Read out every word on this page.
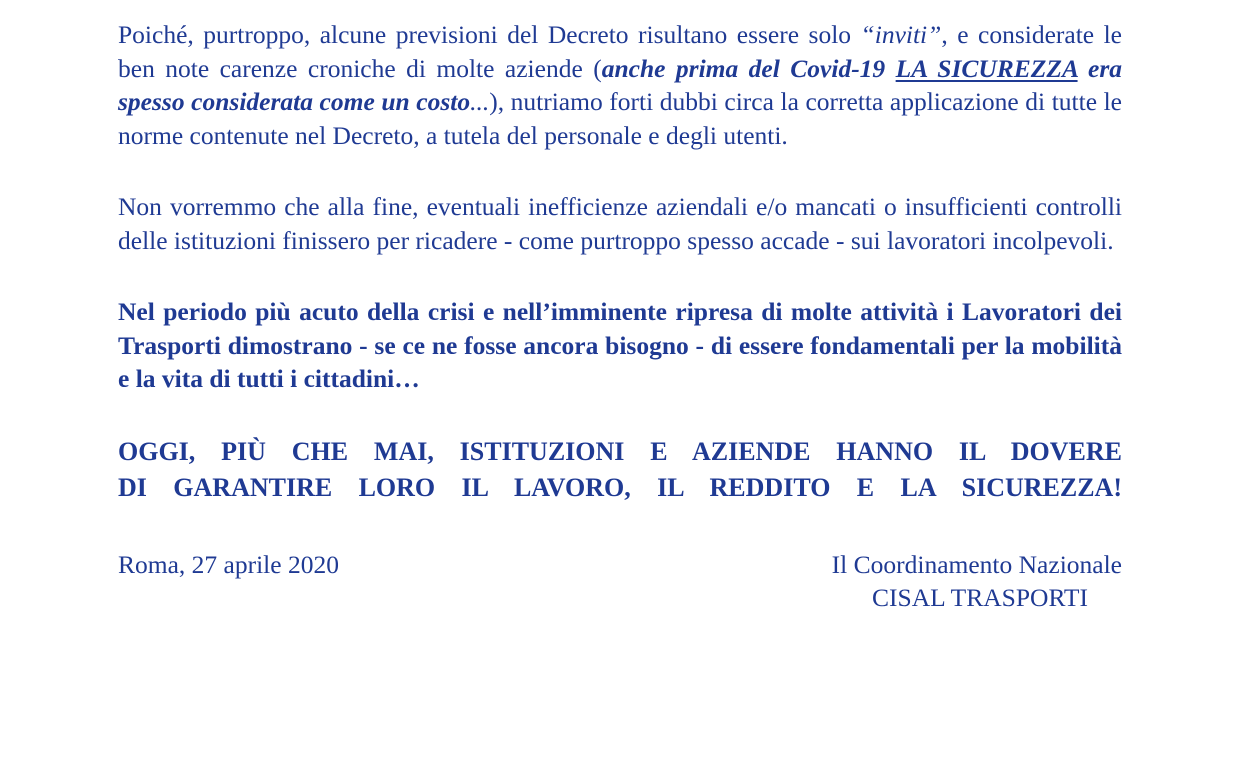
Poiché, purtroppo, alcune previsioni del Decreto risultano essere solo “inviti”, e considerate le ben note carenze croniche di molte aziende (anche prima del Covid-19 LA SICUREZZA era spesso considerata come un costo...), nutriamo forti dubbi circa la corretta applicazione di tutte le norme contenute nel Decreto, a tutela del personale e degli utenti.

Non vorremmo che alla fine, eventuali inefficienze aziendali e/o mancati o insufficienti controlli delle istituzioni finissero per ricadere - come purtroppo spesso accade - sui lavoratori incolpevoli.

Nel periodo più acuto della crisi e nell’imminente ripresa di molte attività i Lavoratori dei Trasporti dimostrano - se ce ne fosse ancora bisogno - di essere fondamentali per la mobilità e la vita di tutti i cittadini…

OGGI, PIÙ CHE MAI, ISTITUZIONI E AZIENDE HANNO IL DOVERE
DI GARANTIRE LORO IL LAVORO, IL REDDITO E LA SICUREZZA!
Roma, 27 aprile 2020	Il Coordinamento Nazionale
CISAL TRASPORTI
